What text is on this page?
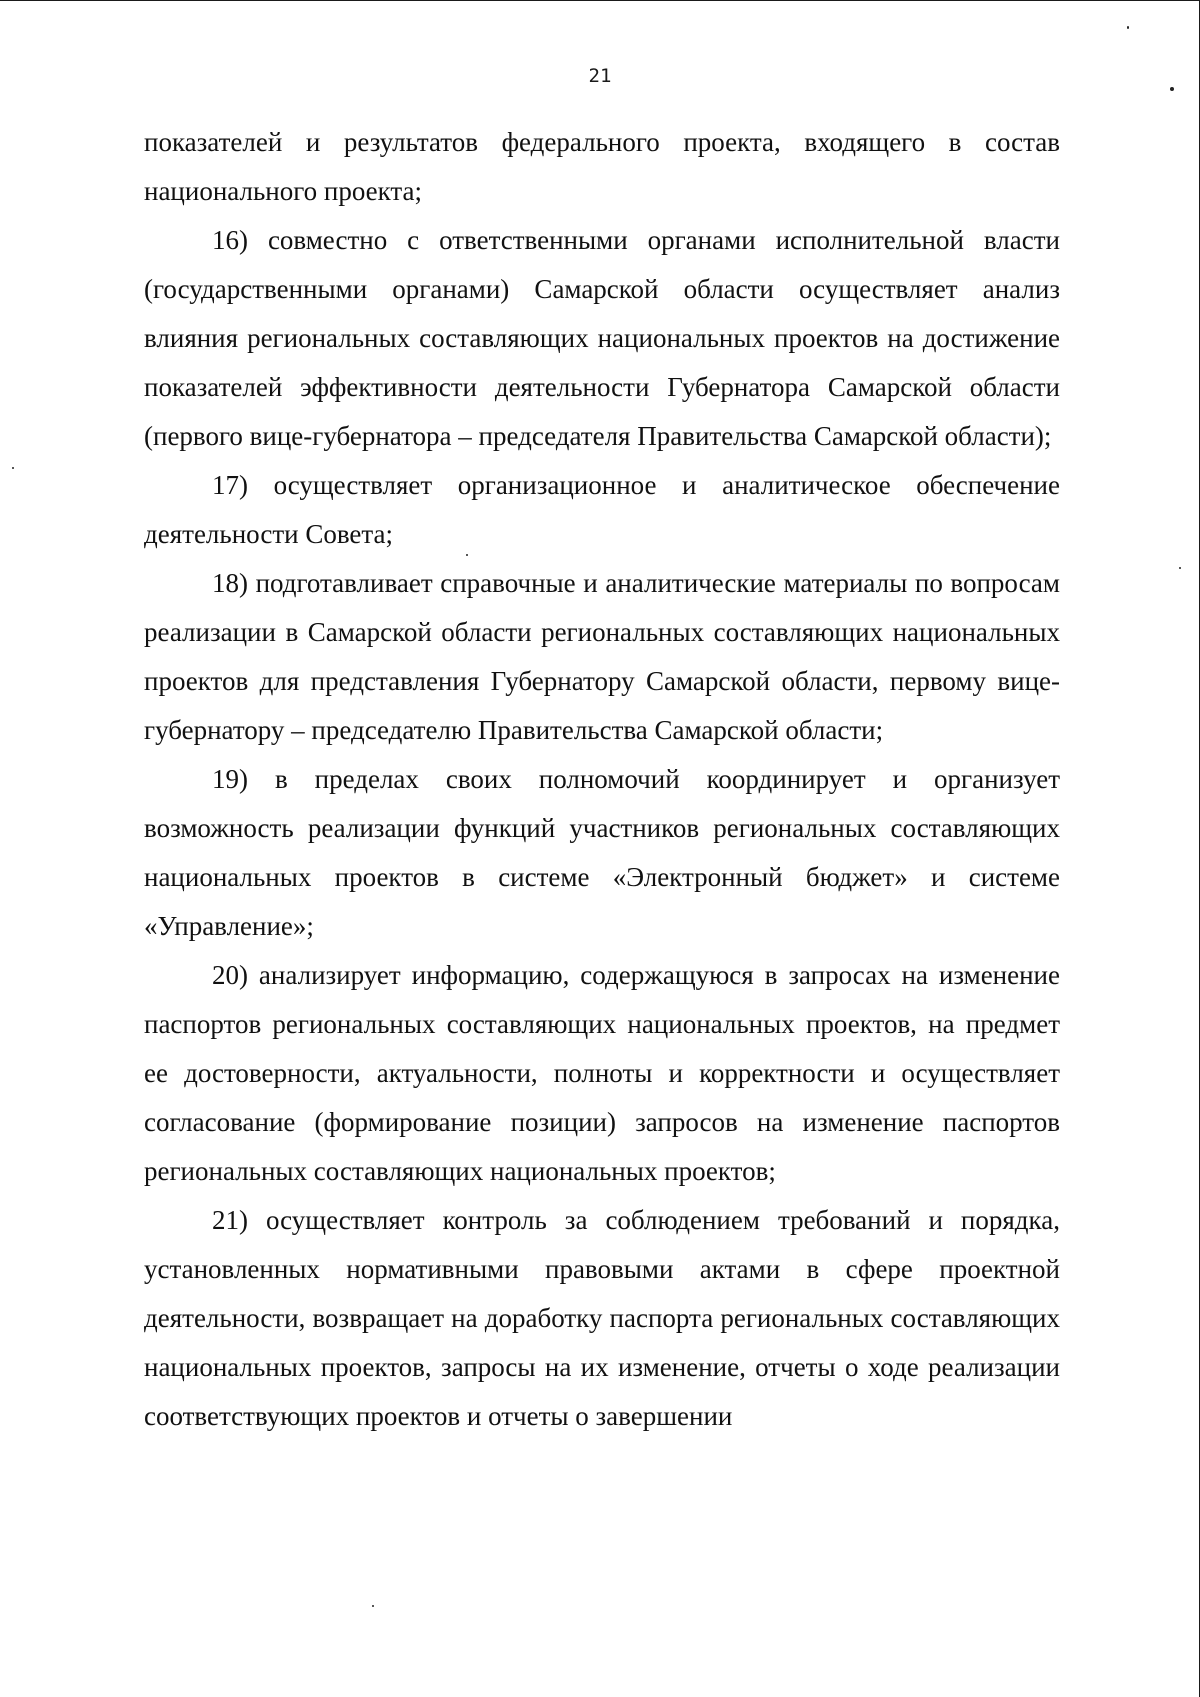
21

показателей и результатов федерального проекта, входящего в состав национального проекта;

16) совместно с ответственными органами исполнительной власти (государственными органами) Самарской области осуществляет анализ влияния региональных составляющих национальных проектов на достижение показателей эффективности деятельности Губернатора Самарской области (первого вице-губернатора – председателя Правительства Самарской области);

17) осуществляет организационное и аналитическое обеспечение деятельности Совета;

18) подготавливает справочные и аналитические материалы по вопросам реализации в Самарской области региональных составляющих национальных проектов для представления Губернатору Самарской области, первому вице-губернатору – председателю Правительства Самарской области;

19) в пределах своих полномочий координирует и организует возможность реализации функций участников региональных составляющих национальных проектов в системе «Электронный бюджет» и системе «Управление»;

20) анализирует информацию, содержащуюся в запросах на изменение паспортов региональных составляющих национальных проектов, на предмет ее достоверности, актуальности, полноты и корректности и осуществляет согласование (формирование позиции) запросов на изменение паспортов региональных составляющих национальных проектов;

21) осуществляет контроль за соблюдением требований и порядка, установленных нормативными правовыми актами в сфере проектной деятельности, возвращает на доработку паспорта региональных составляющих национальных проектов, запросы на их изменение, отчеты о ходе реализации соответствующих проектов и отчеты о завершении
